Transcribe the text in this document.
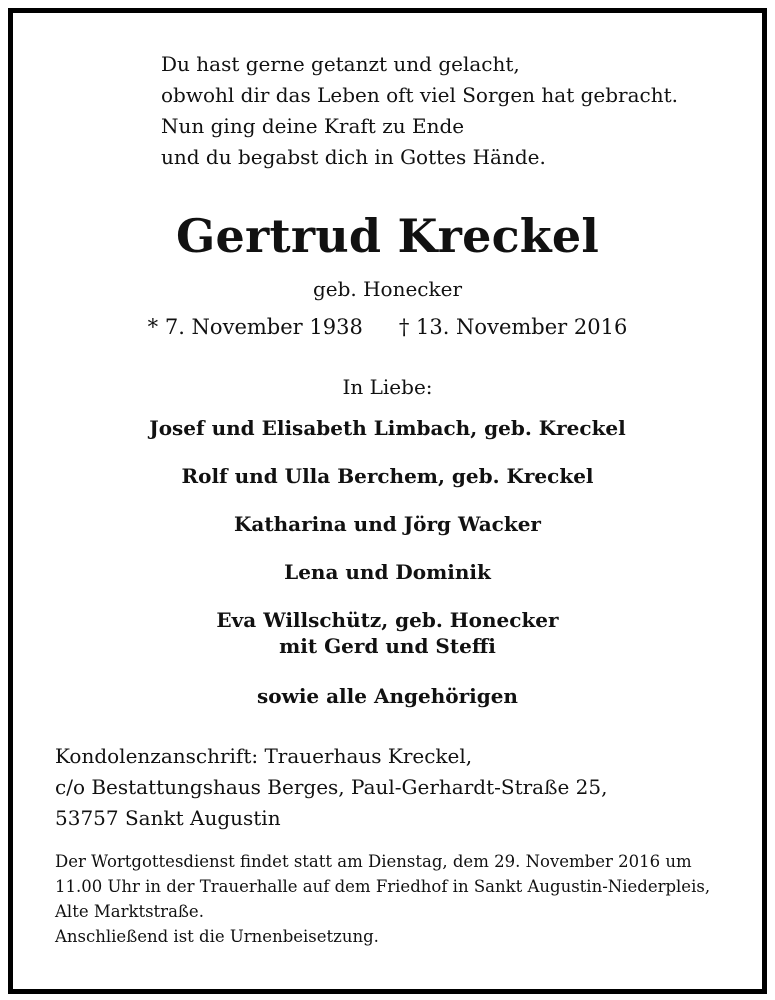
Du hast gerne getanzt und gelacht,
obwohl dir das Leben oft viel Sorgen hat gebracht.
Nun ging deine Kraft zu Ende
und du begabst dich in Gottes Hände.
Gertrud Kreckel
geb. Honecker
* 7. November 1938 † 13. November 2016
In Liebe:
Josef und Elisabeth Limbach, geb. Kreckel
Rolf und Ulla Berchem, geb. Kreckel
Katharina und Jörg Wacker
Lena und Dominik
Eva Willschütz, geb. Honecker
mit Gerd und Steffi
sowie alle Angehörigen
Kondolenzanschrift: Trauerhaus Kreckel,
c/o Bestattungshaus Berges, Paul-Gerhardt-Straße 25,
53757 Sankt Augustin
Der Wortgottesdienst findet statt am Dienstag, dem 29. November 2016 um
11.00 Uhr in der Trauerhalle auf dem Friedhof in Sankt Augustin-Niederpleis,
Alte Marktstraße.
Anschließend ist die Urnenbeisetzung.
